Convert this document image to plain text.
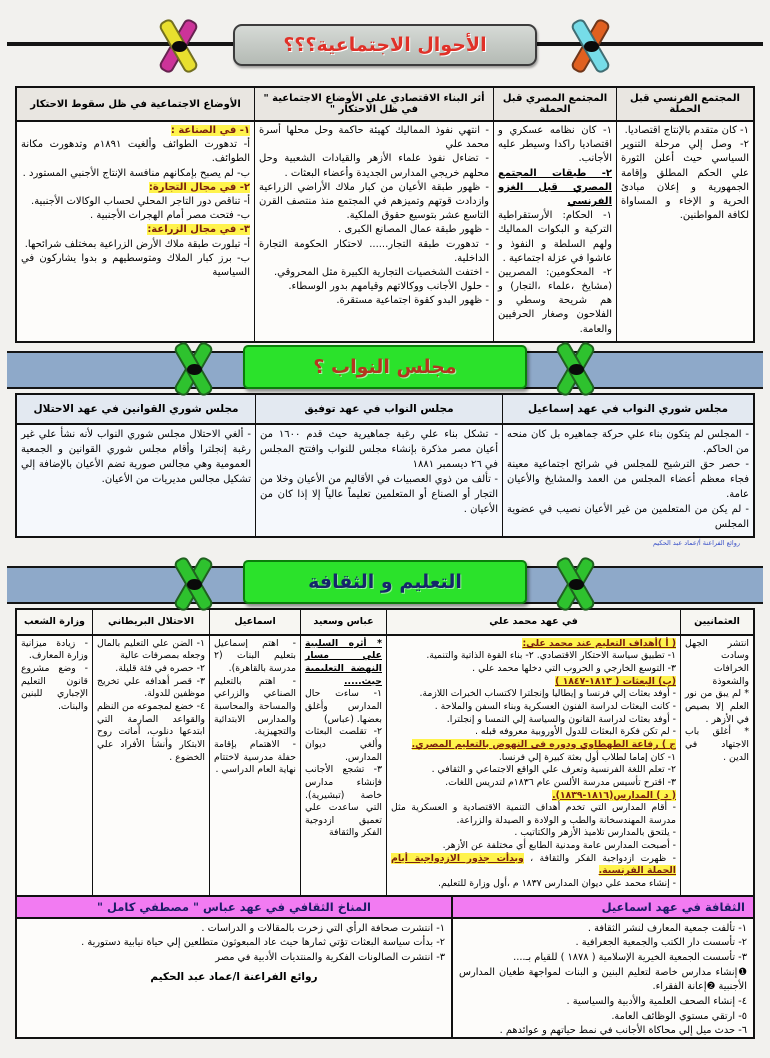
الأحوال الاجتماعية؟؟؟
المجتمع الفرنسي قبل الحملة
١- كان متقدم بالإنتاج اقتصاديا.
٢- وصل إلي مرحلة التنوير السياسي حيث أعلن الثورة علي الحكم المطلق وإقامة الجمهورية و إعلان مبادئ الحرية و الإخاء و المساواة لكافة المواطنين.
المجتمع المصري قبل الحملة
١- كان نظامه عسكري و اقتصاديا راكدا وسيطر عليه الأجانب.
٢- طبقات المجتمع المصري قبل الغزو الفرنسي
١- الحكام: الأرستقراطية التركية و البكوات المماليك ولهم السلطة و النفوذ و عاشوا في عزلة اجتماعية .
٢- المحكومين: المصريين (مشايخ ،علماء ،التجار) و هم شريحة وسطي و الفلاحون وصغار الحرفيين والعامة.
أثر البناء الاقتصادي علي الأوضاع الاجتماعية " في ظل الاحتكار "
- انتهي نفوذ المماليك كهيئة حاكمة وحل محلها أسرة محمد علي
- تضاءل نفوذ علماء الأزهر والقيادات الشعبية وحل محلهم خريجي المدارس الجديدة وأعضاء البعثات .
- ظهور طبقة الأعيان من كبار ملاك الأراضي الزراعية وازدادت قوتهم وتميزهم في المجتمع منذ منتصف القرن التاسع عشر بتوسيع حقوق الملكية.
- ظهور طبقة عمال المصانع الكبرى .
- تدهورت طبقة التجار...... لاحتكار الحكومة التجارة الداخلية.
- اختفت الشخصيات التجارية الكبيرة مثل المحروقي.
- حلول الأجانب ووكالاتهم وقيامهم بدور الوسطاء.
- ظهور البدو كقوة اجتماعية مستقرة.
الأوضاع الاجتماعية في ظل سقوط الاحتكار
١- في الصناعة :
أ- تدهورت الطوائف وألغيت ١٨٩١م وتدهورت مكانة الطوائف.
ب- لم يصبح بإمكانهم منافسة الإنتاج الأجنبي المستورد .
٢- في مجال التجارة:
أ- تناقص دور التاجر المحلي لحساب الوكالات الأجنبية.
ب- فتحت مصر أمام الهجرات الأجنبية .
٣- في مجال الزراعة:
أ- تبلورت طبقة ملاك الأرض الزراعية بمختلف شرائحها.
ب- برز كبار الملاك ومتوسطيهم و بدوا يشاركون في السياسية
مجلس النواب ؟
مجلس شوري النواب في عهد إسماعيل
- المجلس لم يتكون بناء علي حركة جماهيره بل كان منحه من الحاكم.
- حصر حق الترشيح للمجلس في شرائح اجتماعية معينة فجاء معظم أعضاء المجلس من العمد والمشايخ والأعيان عامة.
- لم يكن من المتعلمين من غير الأعيان نصيب في عضوية المجلس
مجلس النواب في عهد توفيق
- تشكل بناء علي رغبة جماهيرية حيث قدم ١٦٠٠ من أعيان مصر مذكرة بإنشاء مجلس للنواب وافتتح المجلس في ٢٦ ديسمبر ١٨٨١
- تألف من ذوي العصبيات في الأقاليم من الأعيان وخلا من التجار أو الصناع أو المتعلمين تعليماً عالياً إلا إذا كان من الأعيان .
مجلس شوري القوانين في عهد الاحتلال
- ألغي الاحتلال مجلس شوري النواب لأنه نشأ علي غير رغبة إنجلترا وأقام مجلس شوري القوانين و الجمعية العمومية وهي مجالس صورية تضم الأعيان بالإضافة إلي تشكيل مجالس مديريات من الأعيان.
روائع الفراعنة أ/عماد عبد الحكيم
التعليم و الثقافة
العثمانيين
انتشر الجهل وسادت الخرافات والشعوذة
* لم يبق من نور العلم إلا بصيص في الأزهر .
* أغلق باب الاجتهاد في الدين .
في عهد محمد علي
( أ )أهداف التعليم عند محمد علي:
١- تطبيق سياسة الاحتكار الاقتصادي. ٢- بناء القوة الذاتية والتنمية.
٣- التوسع الخارجي و الحروب التي دخلها محمد علي .
(ب) البعثات ( ١٨١٣-١٨٤٧ )
- أوفد بعثات إلي فرنسا و إيطاليا وإنجلترا لاكتساب الخبرات اللازمة.
- كانت البعثات لدراسة الفنون العسكرية وبناء السفن والملاحة .
- أوفد بعثات لدراسة القانون والسياسة إلي النمسا و إنجلترا.
- لم تكن فكرة البعثات للدول الأوروبية معروفه قبله .
ج ) رفاعة الطهطاوي ودوره في النهوض بالتعليم المصري.
١- كان إماما لطلاب أول بعثة كبيرة إلي فرنسا.
٢- تعلم اللغة الفرنسية وتعرف علي الواقع الاجتماعي و الثقافي .
٣- اقترح تأسيس مدرسة الألسن عام ١٨٣٦م لتدريس اللغات.
( د ) المدارس(١٨١٦-١٨٣٩).
- أقام المدارس التي تخدم أهداف التنمية الاقتصادية و العسكرية مثل مدرسة المهندسخانة والطب و الولادة و الصيدلة والزراعة.
- يلتحق بالمدارس تلاميذ الأزهر والكتاتيب .
- أصبحت المدارس عامة ومدنية الطابع أي مختلفة عن الأزهر.
- ظهرت ازدواجية الفكر والثقافة ، وبدأت جذور الازدواجية أيام الحملة الفرنسية.
- إنشاء محمد علي ديوان المدارس ١٨٣٧ م ،أول وزارة للتعليم.
عباس وسعيد
* أثره السلبية علي مسار النهضة التعليمية حيث.....
١- ساءت حال المدارس وأغلق بعضها. (عباس)
٢- تقلصت البعثات وألغي ديوان المدارس.
٣- تشجع الأجانب فإنشاء مدارس خاصة (تبشيرية). التي ساعدت علي تعميق ازدوجية الفكر والثقافة
اسماعيل
- اهتم إسماعيل بتعليم البنات (٢ مدرسة بالقاهرة).
- اهتم بالتعليم الصناعي والزراعي والمساحة والمحاسبة والمدارس الابتدائية والتجهيزية.
- الاهتمام بإقامة حفلة مدرسية لاختتام نهاية العام الدراسي .
الاحتلال البريطاني
١- الضن علي التعليم بالمال وجعله بمصرفات عالية
٢- حصره في فئة قليلة.
٣- قصر أهدافه علي تخريج موظفين للدولة.
٤- خضع لمجموعه من النظم والقواعد الصارمة التي ابتدعها دنلوب، أماتت روح الابتكار وأنشأ الأفراد علي الخضوع .
وزارة الشعب
- زيادة ميزانية وزارة المعارف.
- وضع مشروع قانون التعليم الإجباري للبنين والبنات.
الثقافة في عهد اسماعيل
المناخ الثقافي في عهد عباس " مصطفي كامل "
١- تألفت جمعية المعارف لنشر الثقافة .
٢- تأسست دار الكتب والجمعية الجغرافية .
٣- تأسست الجمعية الخيرية الإسلامية ( ١٨٧٨ ) للقيام بـ....
❶إنشاء مدارس خاصة لتعليم البنين و البنات لمواجهة طغيان المدارس الأجنبية ❷إعانة الفقراء.
٤- إنشاء الصحف العلمية والأدبية والسياسية .
٥- ارتقي مستوي الوظائف العامة.
٦- حدث ميل إلي محاكاة الأجانب في نمط حياتهم و عوائدهم .
١- انتشرت صحافة الرأي التي زخرت بالمقالات و الدراسات .
٢- بدأت سياسة البعثات تؤتي ثمارها حيث عاد المبعوثون متطلعين إلي حياة نيابية دستورية .
٣- انتشرت الصالونات الفكرية والمنتديات الأدبية في مصر
روائع الفراعنة ا/عماد عبد الحكيم
